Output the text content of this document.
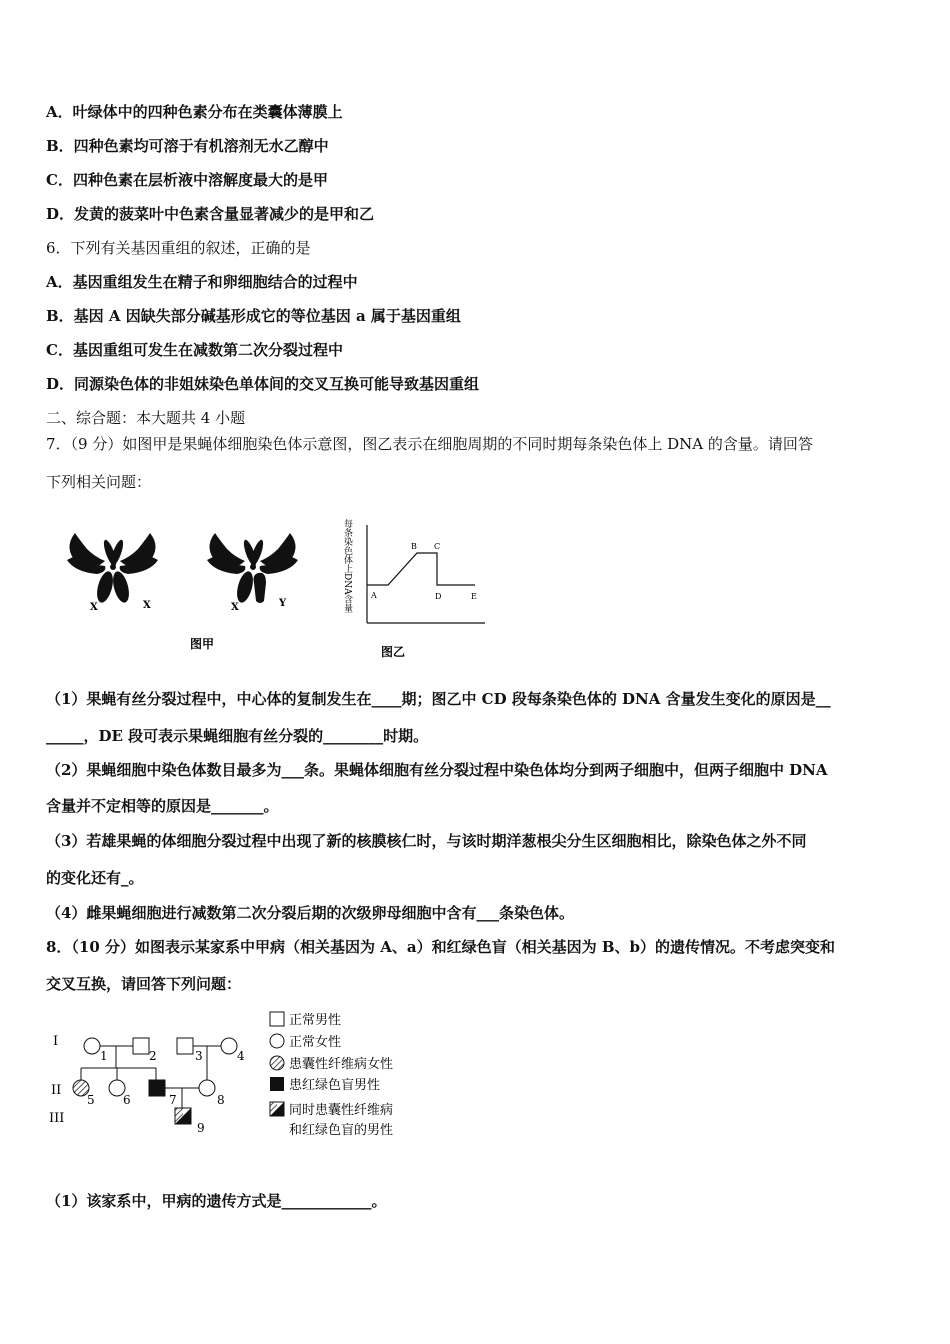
A．叶绿体中的四种色素分布在类囊体薄膜上
B．四种色素均可溶于有机溶剂无水乙醇中
C．四种色素在层析液中溶解度最大的是甲
D．发黄的菠菜叶中色素含量显著减少的是甲和乙
6．下列有关基因重组的叙述，正确的是
A．基因重组发生在精子和卵细胞结合的过程中
B．基因 A 因缺失部分碱基形成它的等位基因 a 属于基因重组
C．基因重组可发生在减数第二次分裂过程中
D．同源染色体的非姐妹染色单体间的交叉互换可能导致基因重组
二、综合题：本大题共 4 小题
7．（9 分）如图甲是果蝇体细胞染色体示意图，图乙表示在细胞周期的不同时期每条染色体上 DNA 的含量。请回答
下列相关问题：
X	X	X	Y
图甲
每条染色体上DNA含量 A
B C
D	E
图乙
（1）果蝇有丝分裂过程中，中心体的复制发生在____期；图乙中 CD 段每条染色体的 DNA 含量发生变化的原因是__
_____，DE 段可表示果蝇细胞有丝分裂的________时期。
（2）果蝇细胞中染色体数目最多为___条。果蝇体细胞有丝分裂过程中染色体均分到两子细胞中，但两子细胞中 DNA
含量并不定相等的原因是_______。
（3）若雄果蝇的体细胞分裂过程中出现了新的核膜核仁时，与该时期洋葱根尖分生区细胞相比，除染色体之外不同
的变化还有_。
（4）雌果蝇细胞进行减数第二次分裂后期的次级卵母细胞中含有___条染色体。
8．（10 分）如图表示某家系中甲病（相关基因为 A、a）和红绿色盲（相关基因为 B、b）的遗传情况。不考虑突变和
交叉互换，请回答下列问题：
I
II
III
1	2	3	4
5 6	7	8
9
正常男性
正常女性
患囊性纤维病女性
患红绿色盲男性
同时患囊性纤维病
和红绿色盲的男性
（1）该家系中，甲病的遗传方式是____________。
